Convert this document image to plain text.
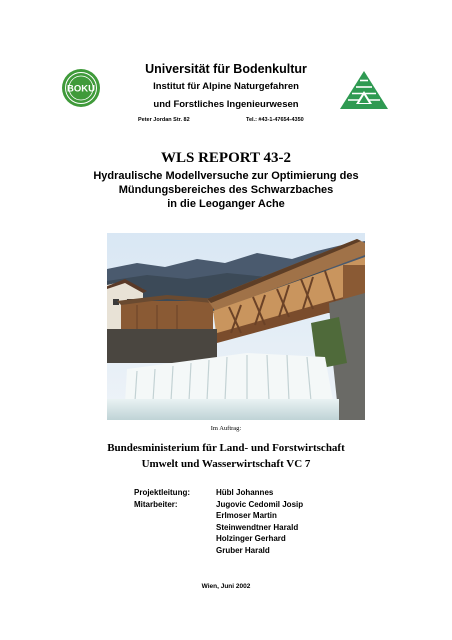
BOKU
Universität für Bodenkultur
Institut für Alpine Naturgefahren
und Forstliches Ingenieurwesen
Peter Jordan Str. 82	Tel.: #43-1-47654-4350
WLS REPORT 43-2
Hydraulische Modellversuche zur Optimierung des
Mündungsbereiches des Schwarzbaches
in die Leoganger Ache
Im Auftrag:
Bundesministerium für Land- und Forstwirtschaft
Umwelt und Wasserwirtschaft VC 7
Projektleitung:	Hübl Johannes
Mitarbeiter:	Jugovic Cedomil Josip
Erlmoser Martin
Steinwendtner Harald
Holzinger Gerhard
Gruber Harald
Wien, Juni 2002
